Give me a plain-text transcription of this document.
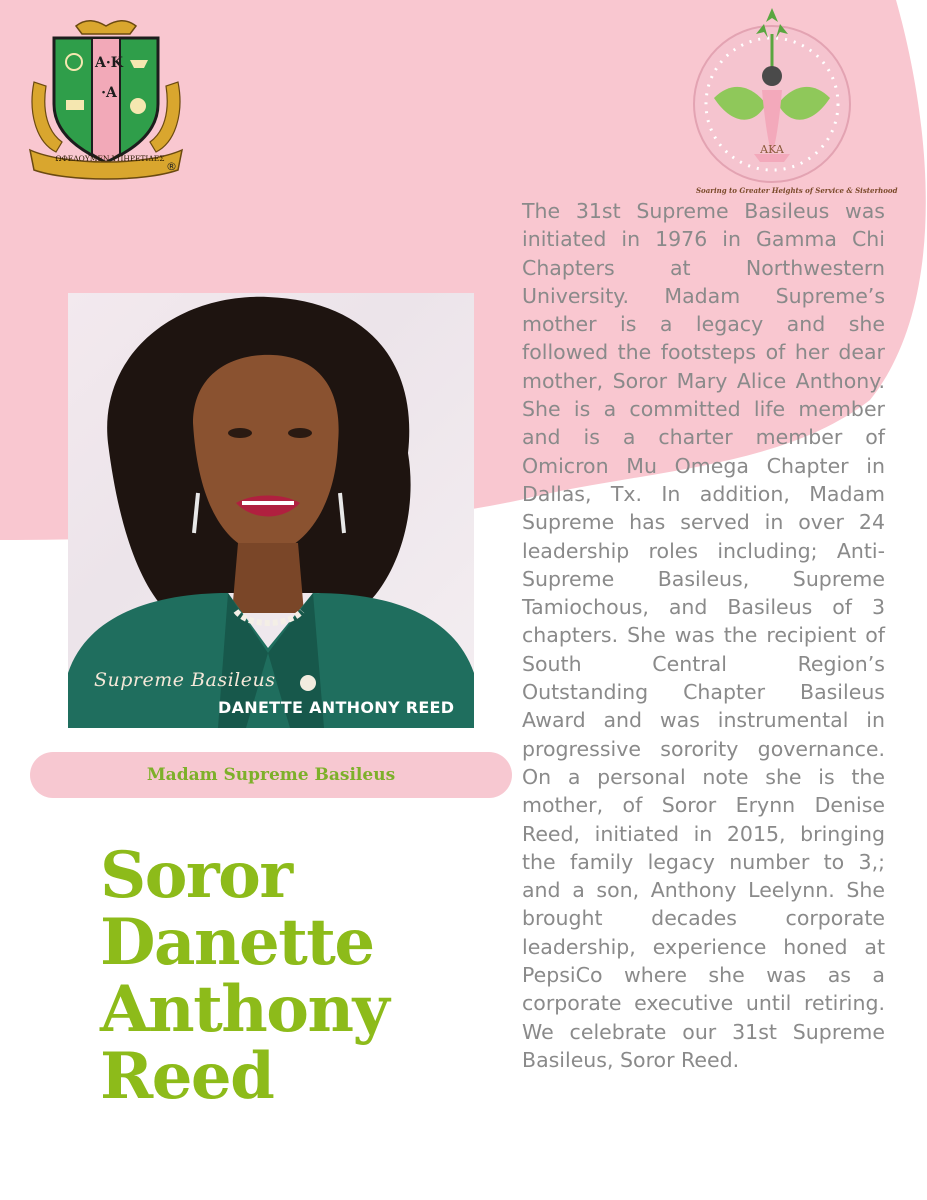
A·K·A
ΩΦΕΛΟΥΜΕΝ ΥΠΗΡΕΤΙΔΕΣ
®
AKA
Soaring to Greater Heights of Service & Sisterhood
Supreme Basileus
DANETTE ANTHONY REED
Madam Supreme Basileus
Soror
Danette
Anthony
Reed
The 31st Supreme Basileus was initiated in 1976 in Gamma Chi Chapters at Northwestern University. Madam Supreme’s mother is a legacy and she followed the footsteps of her dear mother, Soror Mary Alice Anthony. She is a committed life member and is a charter member of Omicron Mu Omega Chapter in Dallas, Tx. In addition, Madam Supreme has served in over 24 leadership roles including; Anti-Supreme Basileus, Supreme Tamiochous, and Basileus of 3 chapters. She was the recipient of South Central Region’s Outstanding Chapter Basileus Award and was instrumental in progressive sorority governance. On a personal note she is the mother, of Soror Erynn Denise Reed, initiated in 2015, bringing the family legacy number to 3,; and a son, Anthony Leelynn. She brought decades corporate leadership, experience honed at PepsiCo where she was as a corporate executive until retiring. We celebrate our 31st Supreme Basileus, Soror Reed.
